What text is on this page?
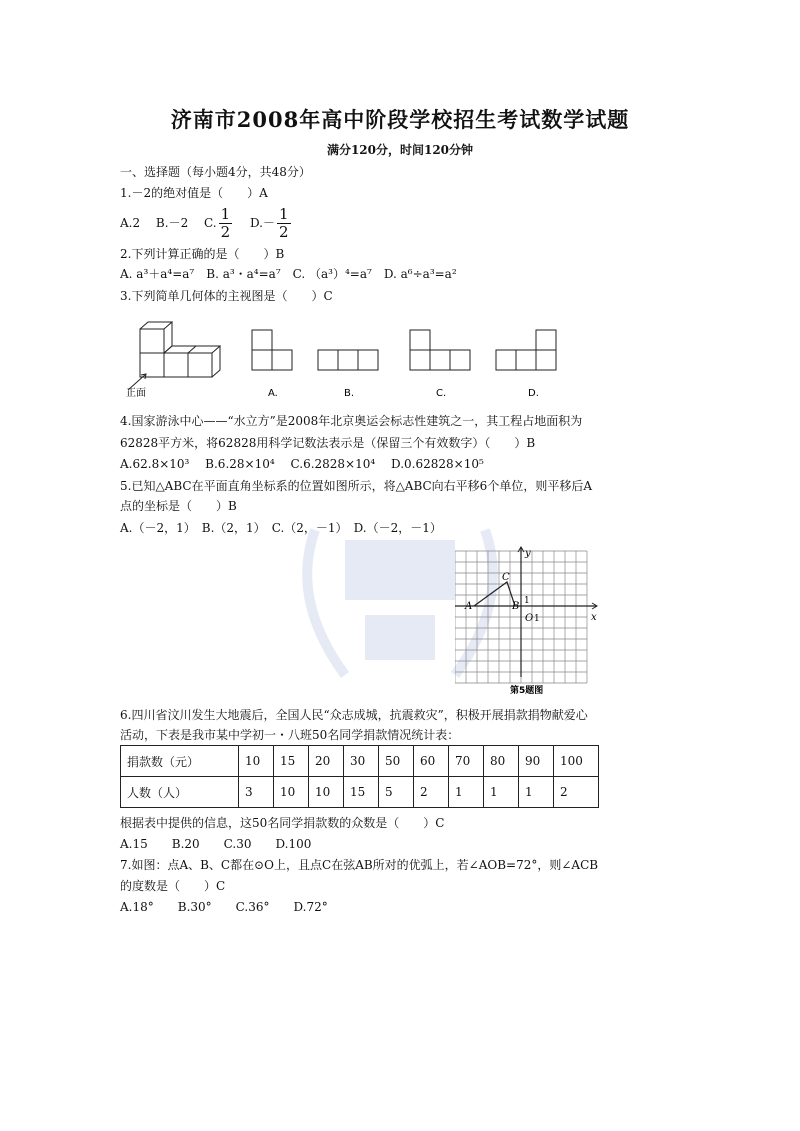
济南市2008年高中阶段学校招生考试数学试题
满分120分，时间120分钟
一、选择题（每小题4分，共48分）
1.－2的绝对值是（　　）A
A.2　 B.－2　 C. $\frac{1}{2}$ 　 $D.- \frac{1}{2}$
2.下列计算正确的是（　　）B
A. a³＋a⁴=a⁷　B. a³・a⁴=a⁷　C. （a³）⁴=a⁷　D. a⁶÷a³=a²
3.下列简单几何体的主视图是（　　）C
正面	A.	B.	C.	D.
4.国家游泳中心——“水立方”是2008年北京奥运会标志性建筑之一，其工程占地面积为
62828平方米，将62828用科学记数法表示是（保留三个有效数字）（　　）B
A.62.8×10³　 B.6.28×10⁴　 C.6.2828×10⁴　 D.0.62828×10⁵
5.已知△ABC在平面直角坐标系的位置如图所示，将△ABC向右平移6个单位，则平移后A
点的坐标是（　　）B
A.（－2，1）　 B.（2，1）　 C.（2，－1）　 D.（－2，－1）
y
x
O 1
1
A	B
C
第5题图
6.四川省汶川发生大地震后，全国人民“众志成城，抗震救灾”，积极开展捐款捐物献爱心
活动，下表是我市某中学初一・八班50名同学捐款情况统计表：
捐款数（元）	10	15	20	30	50	60	70	80	90	100
人数（人）	3	10	10	15	5	2	1	1	1	2
根据表中提供的信息，这50名同学捐款数的众数是（　　）C
A.15　　B.20　　C.30　　D.100
7.如图：点A、B、C都在⊙O上，且点C在弦AB所对的优弧上，若∠AOB=72°，则∠ACB
的度数是（　　）C
A.18°　　B.30°　　C.36°　　D.72°
